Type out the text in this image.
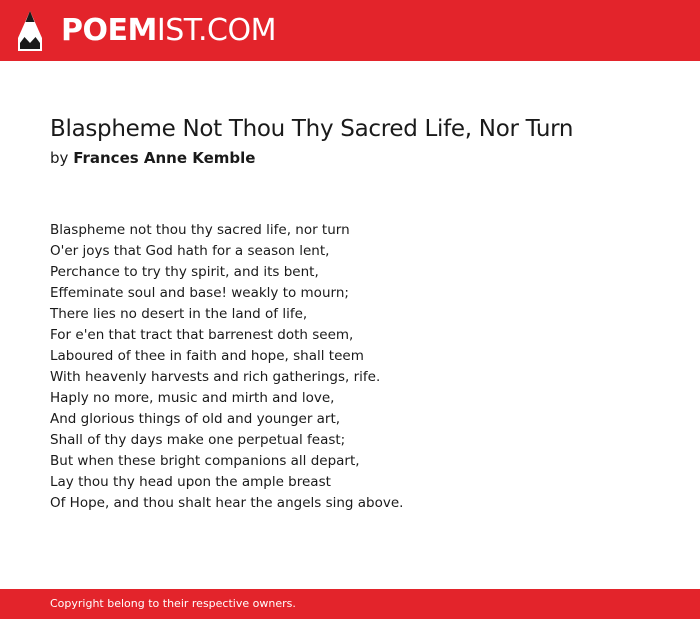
POEMIST.COM
Blaspheme Not Thou Thy Sacred Life, Nor Turn
by Frances Anne Kemble
Blaspheme not thou thy sacred life, nor turn
O'er joys that God hath for a season lent,
Perchance to try thy spirit, and its bent,
Effeminate soul and base! weakly to mourn;
There lies no desert in the land of life,
For e'en that tract that barrenest doth seem,
Laboured of thee in faith and hope, shall teem
With heavenly harvests and rich gatherings, rife.
Haply no more, music and mirth and love,
And glorious things of old and younger art,
Shall of thy days make one perpetual feast;
But when these bright companions all depart,
Lay thou thy head upon the ample breast
Of Hope, and thou shalt hear the angels sing above.
Copyright belong to their respective owners.
